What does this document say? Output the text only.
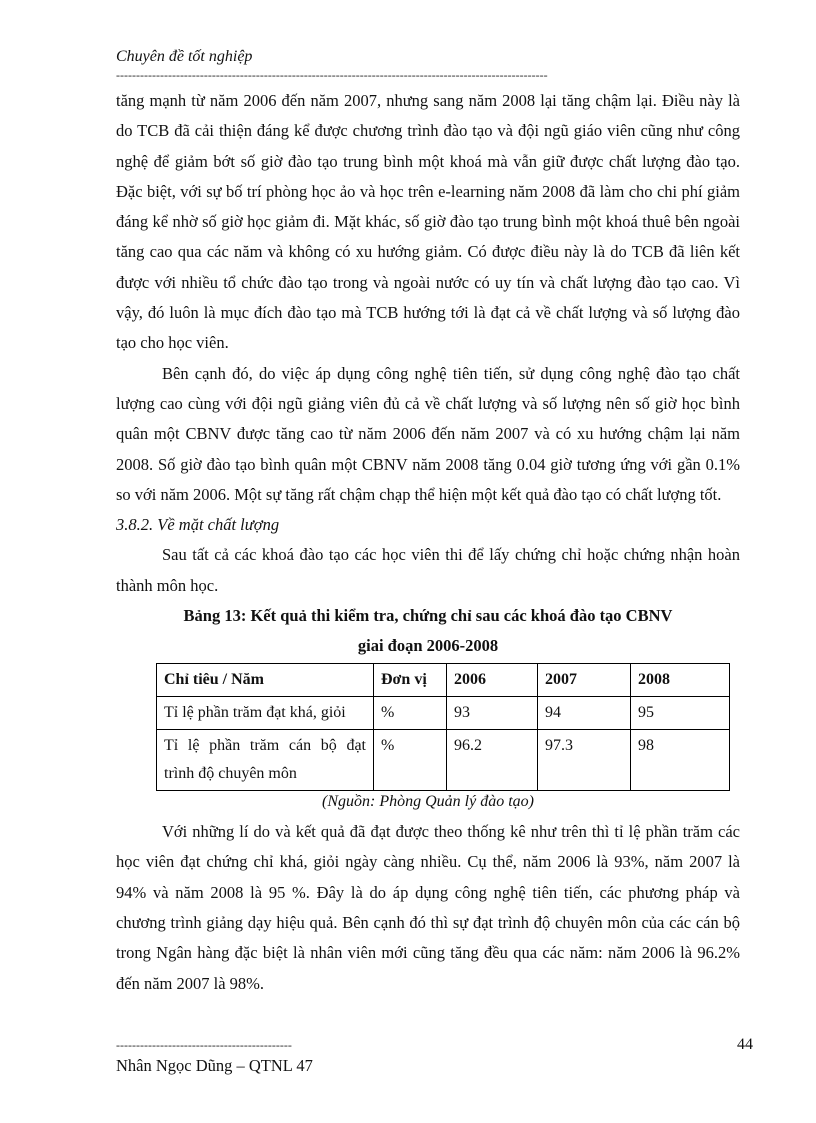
Chuyên đề tốt nghiệp
------------------------------------------------------------------------------------------------------------

tăng mạnh từ năm 2006 đến năm 2007, nhưng sang năm 2008 lại tăng chậm lại. Điều này là do TCB đã cải thiện đáng kể được chương trình đào tạo và đội ngũ giáo viên cũng như công nghệ để giảm bớt số giờ đào tạo trung bình một khoá mà vẫn giữ được chất lượng đào tạo. Đặc biệt, với sự bố trí phòng học ảo và học trên e-learning năm 2008 đã làm cho chi phí giảm đáng kể nhờ số giờ học giảm đi. Mặt khác, số giờ đào tạo trung bình một khoá thuê bên ngoài tăng cao qua các năm và không có xu hướng giảm. Có được điều này là do TCB đã liên kết được với nhiều tổ chức đào tạo trong và ngoài nước có uy tín và chất lượng đào tạo cao. Vì vậy, đó luôn là mục đích đào tạo mà TCB hướng tới là đạt cả về chất lượng và số lượng đào tạo cho học viên.

Bên cạnh đó, do việc áp dụng công nghệ tiên tiến, sử dụng công nghệ đào tạo chất lượng cao cùng với đội ngũ giảng viên đủ cả về chất lượng và số lượng nên số giờ học bình quân một CBNV được tăng cao từ năm 2006 đến năm 2007 và có xu hướng chậm lại năm 2008. Số giờ đào tạo bình quân một CBNV năm 2008 tăng 0.04 giờ tương ứng với gần 0.1% so với năm 2006. Một sự tăng rất chậm chạp thể hiện một kết quả đào tạo có chất lượng tốt.

3.8.2. Về mặt chất lượng

Sau tất cả các khoá đào tạo các học viên thi để lấy chứng chỉ hoặc chứng nhận hoàn thành môn học.

Bảng 13: Kết quả thi kiểm tra, chứng chỉ sau các khoá đào tạo CBNV

giai đoạn 2006-2008

Chỉ tiêu / Năm	Đơn vị	2006	2007	2008
Tỉ lệ phần trăm đạt khá, giỏi	%	93	94	95
Tỉ lệ phần trăm cán bộ đạt trình độ chuyên môn	%	96.2	97.3	98

(Nguồn: Phòng Quản lý đào tạo)

Với những lí do và kết quả đã đạt được theo thống kê như trên thì tỉ lệ phần trăm các học viên đạt chứng chỉ khá, giỏi ngày càng nhiều. Cụ thể, năm 2006 là 93%, năm 2007 là 94% và năm 2008 là 95 %. Đây là do áp dụng công nghệ tiên tiến, các phương pháp và chương trình giảng dạy hiệu quả. Bên cạnh đó thì sự đạt trình độ chuyên môn của các cán bộ trong Ngân hàng đặc biệt là nhân viên mới cũng tăng đều qua các năm: năm 2006 là 96.2% đến năm 2007 là 98%.

--------------------------------------------	44
Nhân Ngọc Dũng – QTNL 47
